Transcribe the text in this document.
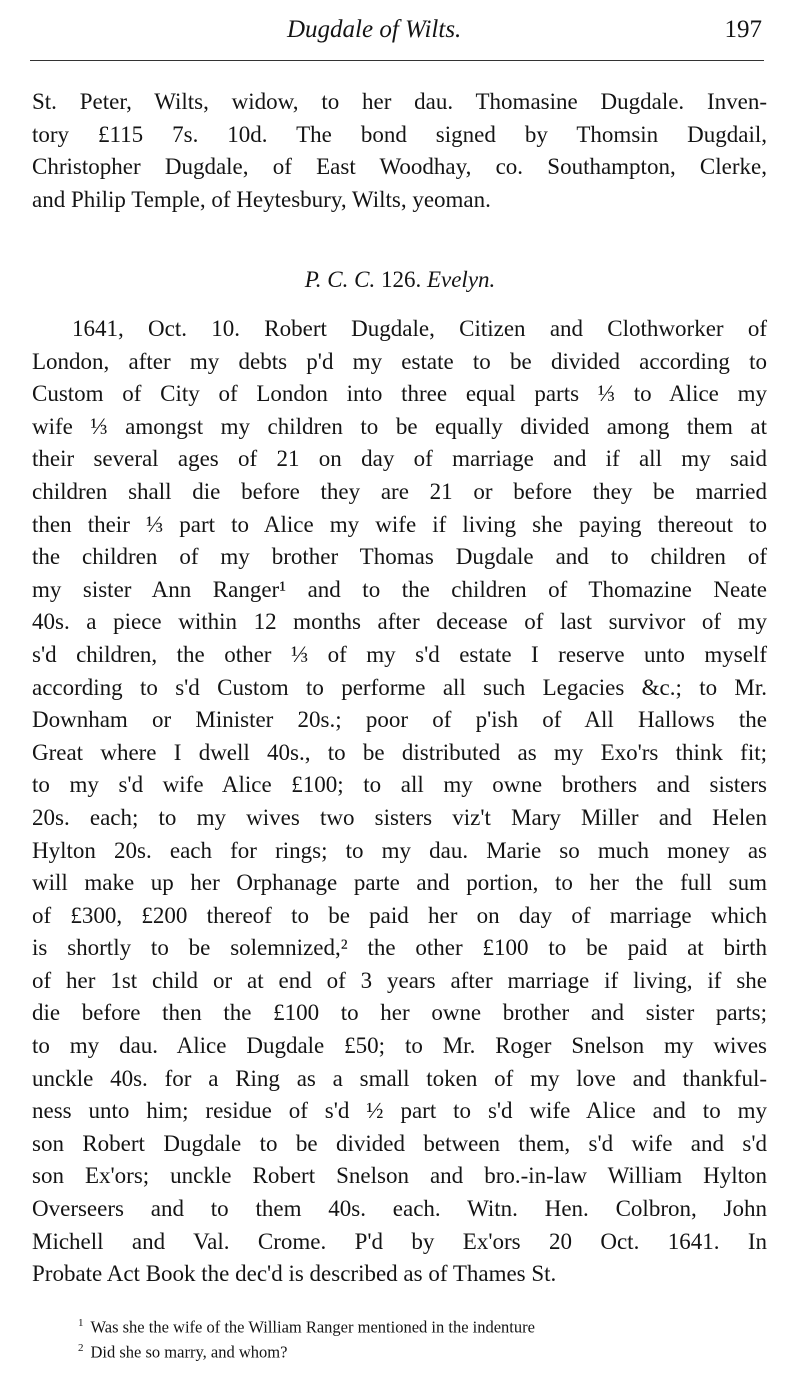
Dugdale of Wilts.	197
St. Peter, Wilts, widow, to her dau. Thomasine Dugdale. Inven-
tory £115 7s. 10d. The bond signed by Thomsin Dugdail,
Christopher Dugdale, of East Woodhay, co. Southampton, Clerke,
and Philip Temple, of Heytesbury, Wilts, yeoman.
P. C. C. 126. Evelyn.
1641, Oct. 10. Robert Dugdale, Citizen and Clothworker of
London, after my debts p'd my estate to be divided according to
Custom of City of London into three equal parts ⅓ to Alice my
wife ⅓ amongst my children to be equally divided among them at
their several ages of 21 on day of marriage and if all my said
children shall die before they are 21 or before they be married
then their ⅓ part to Alice my wife if living she paying thereout to
the children of my brother Thomas Dugdale and to children of
my sister Ann Ranger¹ and to the children of Thomazine Neate
40s. a piece within 12 months after decease of last survivor of my
s'd children, the other ⅓ of my s'd estate I reserve unto myself
according to s'd Custom to performe all such Legacies &c.; to Mr.
Downham or Minister 20s.; poor of p'ish of All Hallows the
Great where I dwell 40s., to be distributed as my Exo'rs think fit;
to my s'd wife Alice £100; to all my owne brothers and sisters
20s. each; to my wives two sisters viz't Mary Miller and Helen
Hylton 20s. each for rings; to my dau. Marie so much money as
will make up her Orphanage parte and portion, to her the full sum
of £300, £200 thereof to be paid her on day of marriage which
is shortly to be solemnized,² the other £100 to be paid at birth
of her 1st child or at end of 3 years after marriage if living, if she
die before then the £100 to her owne brother and sister parts;
to my dau. Alice Dugdale £50; to Mr. Roger Snelson my wives
unckle 40s. for a Ring as a small token of my love and thankful-
ness unto him; residue of s'd ½ part to s'd wife Alice and to my
son Robert Dugdale to be divided between them, s'd wife and s'd
son Ex'ors; unckle Robert Snelson and bro.-in-law William Hylton
Overseers and to them 40s. each. Witn. Hen. Colbron, John
Michell and Val. Crome. P'd by Ex'ors 20 Oct. 1641. In
Probate Act Book the dec'd is described as of Thames St.
$^1$ Was she the wife of the William Ranger mentioned in the indenture
$^2$ Did she so marry, and whom?
